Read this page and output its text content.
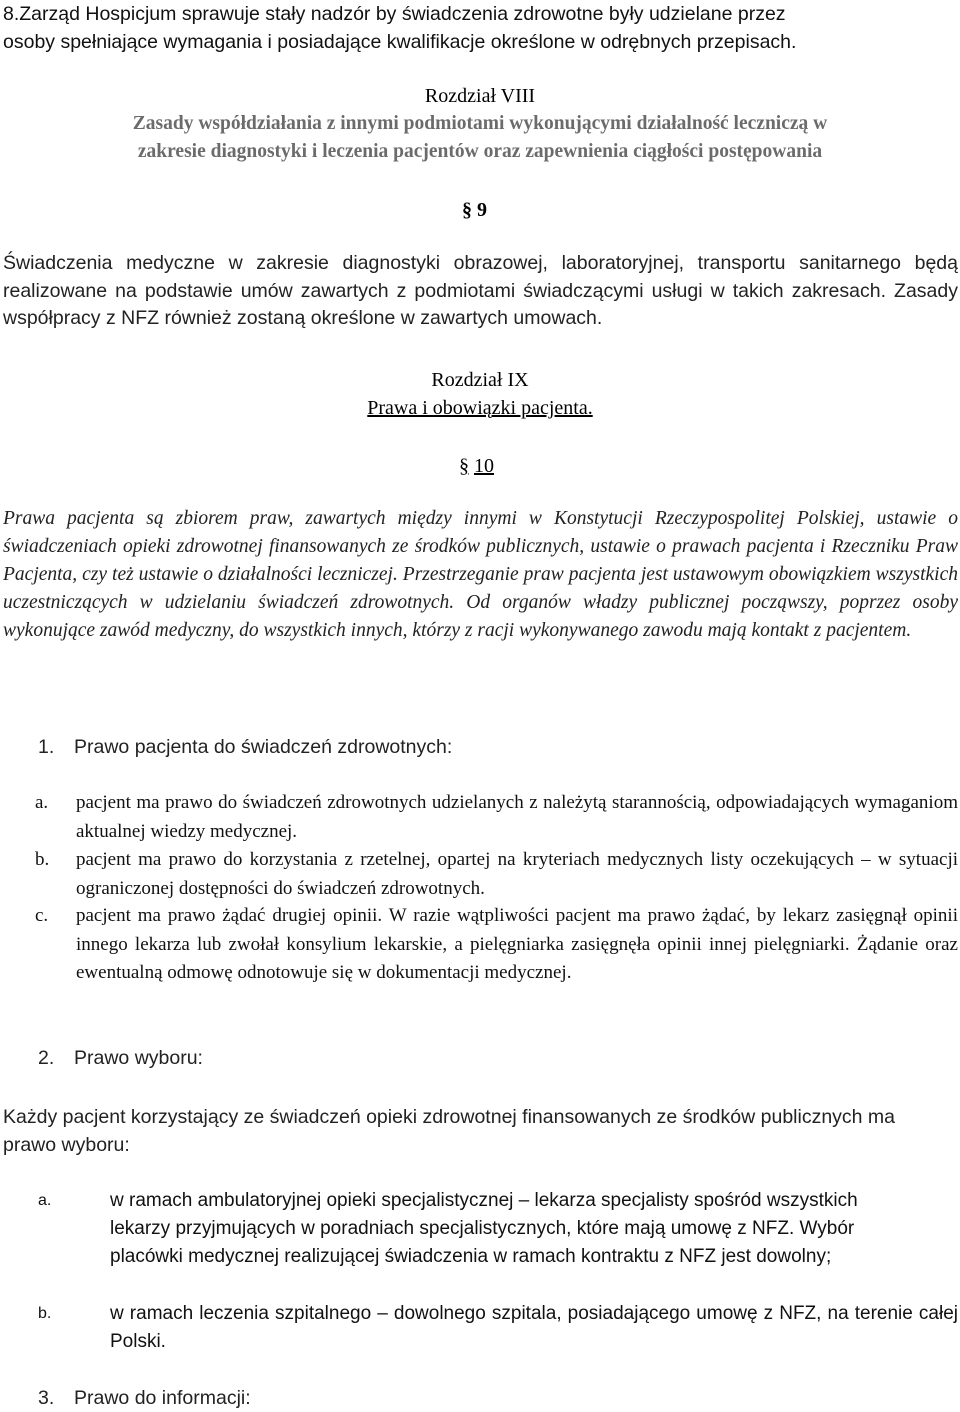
8.Zarząd Hospicjum sprawuje stały nadzór by świadczenia zdrowotne były udzielane przez
osoby spełniające wymagania i posiadające kwalifikacje określone w odrębnych przepisach.
Rozdział VIII
Zasady współdziałania z innymi podmiotami wykonującymi działalność leczniczą w
zakresie diagnostyki i leczenia pacjentów oraz zapewnienia ciągłości postępowania
§ 9
Świadczenia medyczne w zakresie diagnostyki obrazowej, laboratoryjnej, transportu sanitarnego będą realizowane na podstawie umów zawartych z podmiotami świadczącymi usługi w takich zakresach. Zasady współpracy z NFZ również zostaną określone w zawartych umowach.
Rozdział IX
Prawa i obowiązki pacjenta.
§ 10
Prawa pacjenta są zbiorem praw, zawartych między innymi w Konstytucji Rzeczypospolitej Polskiej, ustawie o świadczeniach opieki zdrowotnej finansowanych ze środków publicznych, ustawie o prawach pacjenta i Rzeczniku Praw Pacjenta, czy też ustawie o działalności leczniczej. Przestrzeganie praw pacjenta jest ustawowym obowiązkiem wszystkich uczestniczących w udzielaniu świadczeń zdrowotnych. Od organów władzy publicznej począwszy, poprzez osoby wykonujące zawód medyczny, do wszystkich innych, którzy z racji wykonywanego zawodu mają kontakt z pacjentem.
1. Prawo pacjenta do świadczeń zdrowotnych:
a. pacjent ma prawo do świadczeń zdrowotnych udzielanych z należytą starannością, odpowiadających wymaganiom aktualnej wiedzy medycznej.
b. pacjent ma prawo do korzystania z rzetelnej, opartej na kryteriach medycznych listy oczekujących – w sytuacji ograniczonej dostępności do świadczeń zdrowotnych.
c. pacjent ma prawo żądać drugiej opinii. W razie wątpliwości pacjent ma prawo żądać, by lekarz zasięgnął opinii innego lekarza lub zwołał konsylium lekarskie, a pielęgniarka zasięgnęła opinii innej pielęgniarki. Żądanie oraz ewentualną odmowę odnotowuje się w dokumentacji medycznej.
2. Prawo wyboru:
Każdy pacjent korzystający ze świadczeń opieki zdrowotnej finansowanych ze środków publicznych ma prawo wyboru:
a.	w ramach ambulatoryjnej opieki specjalistycznej – lekarza specjalisty spośród wszystkich lekarzy przyjmujących w poradniach specjalistycznych, które mają umowę z NFZ. Wybór placówki medycznej realizującej świadczenia w ramach kontraktu z NFZ jest dowolny;
b.	w ramach leczenia szpitalnego – dowolnego szpitala, posiadającego umowę z NFZ, na terenie całej Polski.
3. Prawo do informacji:
